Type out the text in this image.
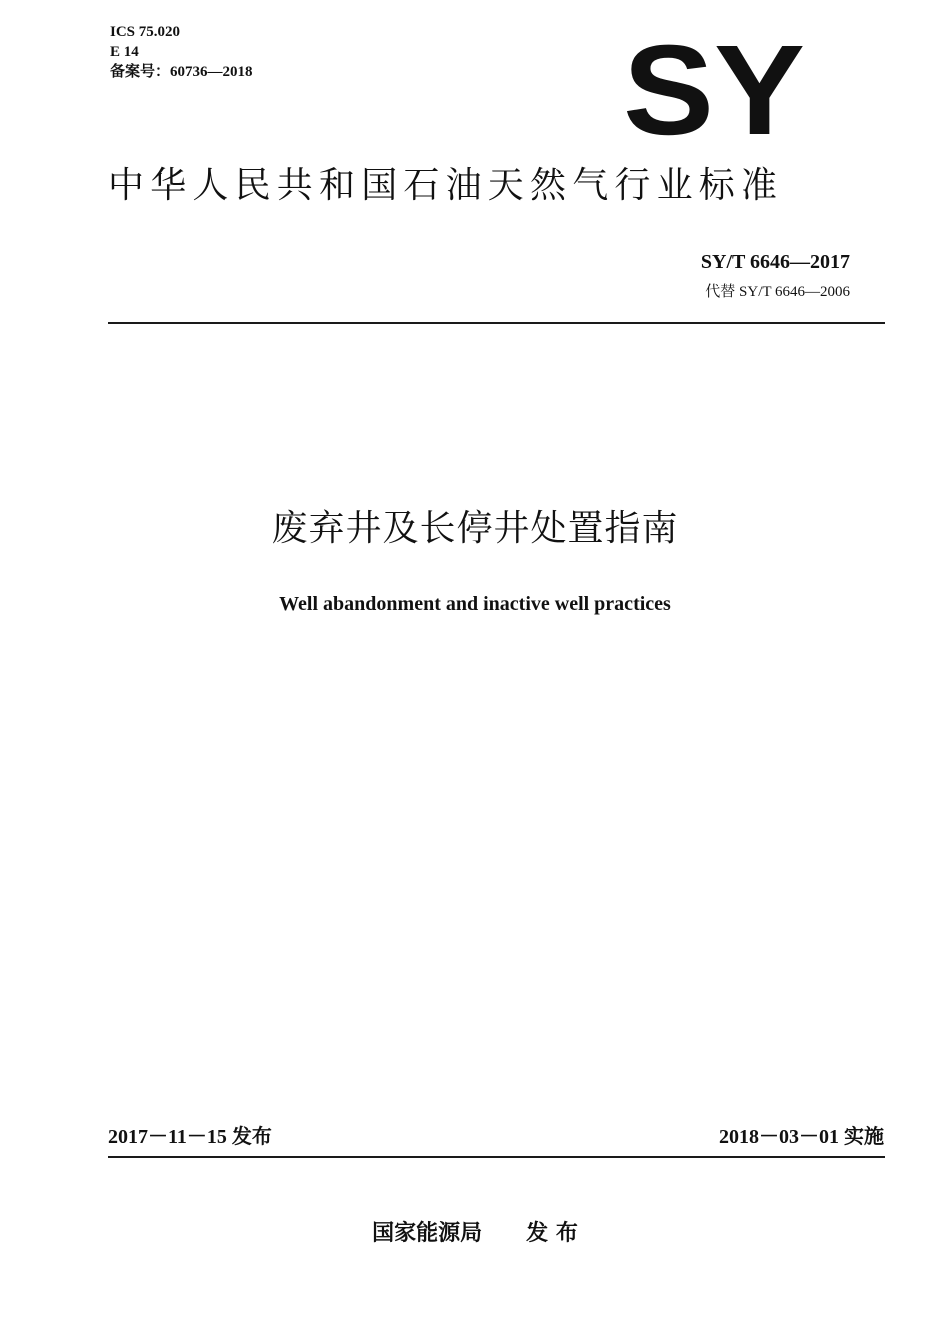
ICS 75.020
E 14
备案号：60736—2018	SY
中华人民共和国石油天然气行业标准
SY/T 6646—2017
代替 SY/T 6646—2006
废弃井及长停井处置指南
Well abandonment and inactive well practices
2017－11－15 发布	2018－03－01 实施
国家能源局 发 布
